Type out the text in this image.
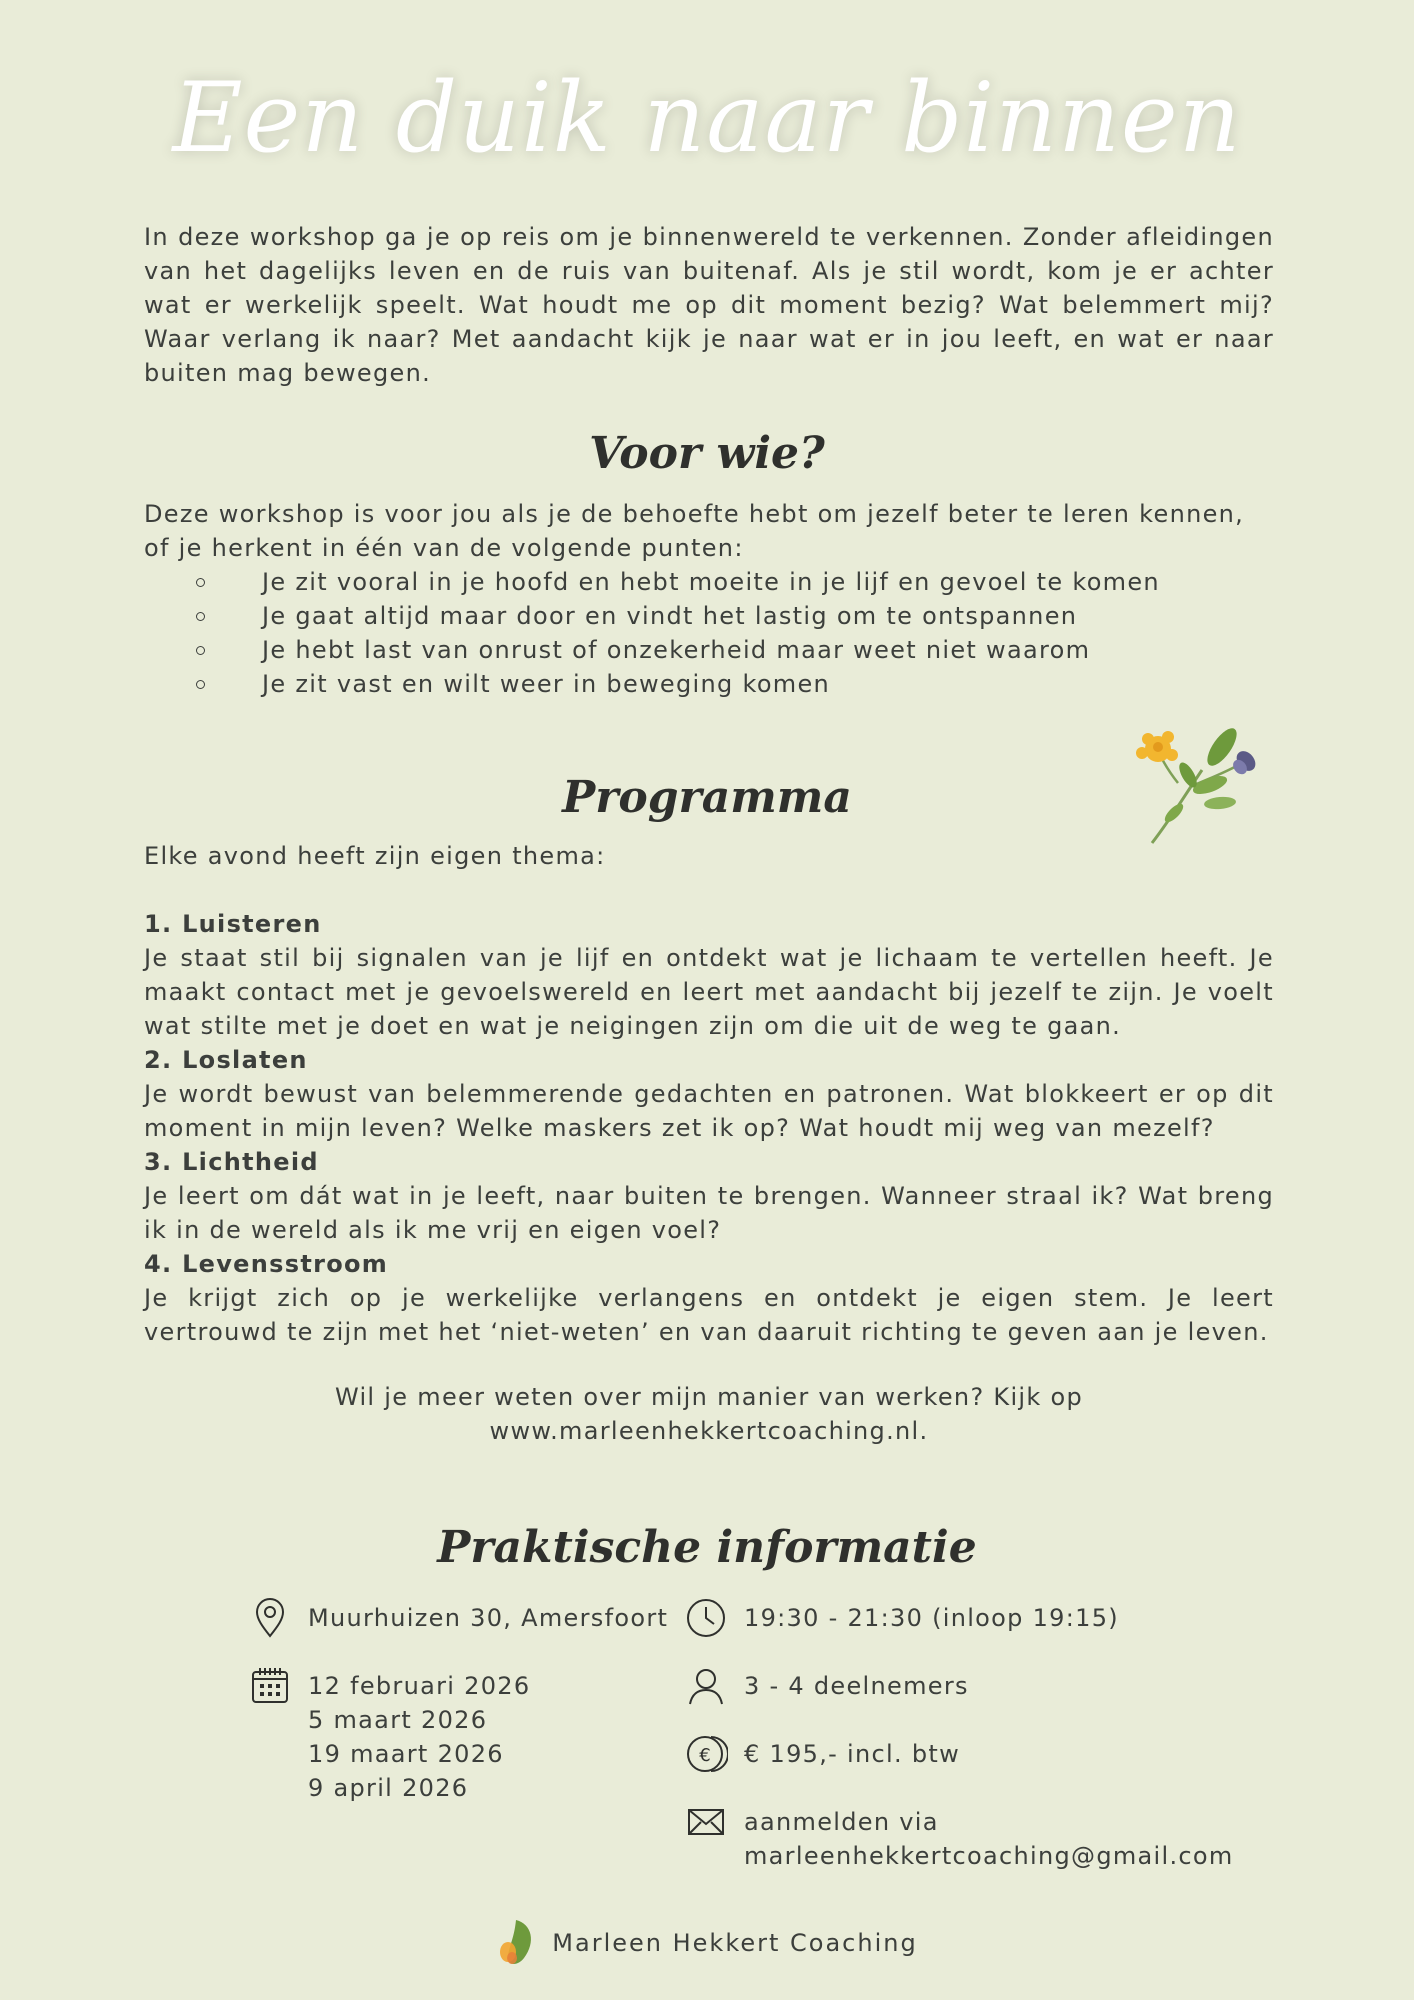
Een duik naar binnen
In deze workshop ga je op reis om je binnenwereld te verkennen. Zonder afleidingen van het dagelijks leven en de ruis van buitenaf. Als je stil wordt, kom je er achter wat er werkelijk speelt. Wat houdt me op dit moment bezig? Wat belemmert mij? Waar verlang ik naar? Met aandacht kijk je naar wat er in jou leeft, en wat er naar buiten mag bewegen.
Voor wie?

Deze workshop is voor jou als je de behoefte hebt om jezelf beter te leren kennen, of je herkent in één van de volgende punten:

Je zit vooral in je hoofd en hebt moeite in je lijf en gevoel te komen
Je gaat altijd maar door en vindt het lastig om te ontspannen
Je hebt last van onrust of onzekerheid maar weet niet waarom
Je zit vast en wilt weer in beweging komen
Programma
Elke avond heeft zijn eigen thema:

1. Luisteren

Je staat stil bij signalen van je lijf en ontdekt wat je lichaam te vertellen heeft. Je maakt contact met je gevoelswereld en leert met aandacht bij jezelf te zijn. Je voelt wat stilte met je doet en wat je neigingen zijn om die uit de weg te gaan.

2. Loslaten

Je wordt bewust van belemmerende gedachten en patronen. Wat blokkeert er op dit moment in mijn leven? Welke maskers zet ik op? Wat houdt mij weg van mezelf?

3. Lichtheid

Je leert om dát wat in je leeft, naar buiten te brengen. Wanneer straal ik? Wat breng ik in de wereld als ik me vrij en eigen voel?

4. Levensstroom

Je krijgt zich op je werkelijke verlangens en ontdekt je eigen stem. Je leert vertrouwd te zijn met het ‘niet-weten’ en van daaruit richting te geven aan je leven.

Wil je meer weten over mijn manier van werken? Kijk op

www.marleenhekkertcoaching.nl.

Praktische informatie
Muurhuizen 30, Amersfoort
12 februari 2026
5 maart 2026
19 maart 2026
9 april 2026
19:30 - 21:30 (inloop 19:15)
3 - 4 deelnemers
€ € 195,- incl. btw
aanmelden via
marleenhekkertcoaching@gmail.com
Marleen Hekkert Coaching
